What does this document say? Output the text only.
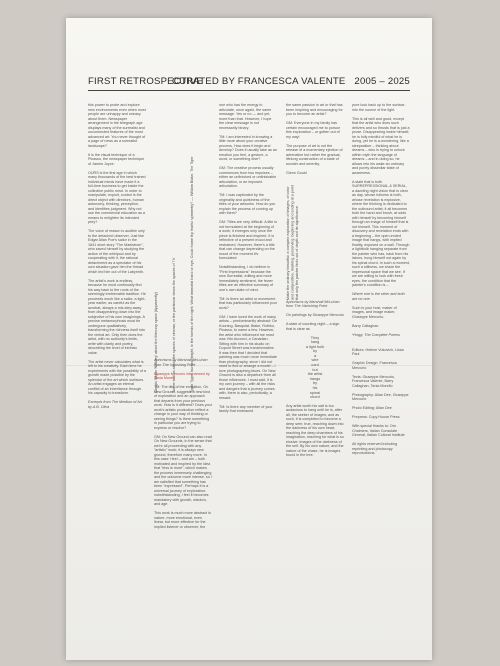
FIRST RETROSPECTIVE
CURATED BY FRANCESCA VALENTE 2005 – 2025

this power to probe and explore new environments even when most people are unhappy and uneasy about them. Newspaper arrangement in the telegraph age displays many of the surrealist and unconnected features of the most advanced art. You never thought of a page of news as a surrealist landscape?

It is the visual technique of a Picasso, the newspaper technique of James Joyce.

OURS is the first age in which many thousands of the best trained individual minds have made it a full-time business to get inside the collective public mind. In order to manipulate, exploit, control is the direct object with directors, human autonomy, thinking, perception, and identities judgment. Why not use the commercial education as a means to enlighten its intended prey?

The voice of reason is audible only to the detached observer. Just like Edgar Allan Poe's sailor in the 1841 short story "The Maelstrom", who saved himself by studying the action of the whirlpool and by cooperating with it, the rational detachment as a spectator of his own situation gave him the thread which led him out of the Labyrinth.

The artist's work is endless, because he must continually find his way back to the roots of the seemingly irretrievable tradition. He proceeds much like a sailor, a light-year earlier, as careful as the acrobat, always a mis-step away from disappearing down into the subjective of his own imaginings. A precise metamorphosis must be undergone qualitatively, transforming the richness itself into the verbal art. Only then does the artist, with no authority's limits, write with clarity and poetry, describing the level of intrinsic value.

The artist never calculates what is left to his creativity. Each time he experiments with the possibility of a growth made possible by the splendor of the art which surfaces. An artist engages an eternal conflict of an inheritance through his capacity to transform.

Excerpts from The Medium of Art by A.B. Oliva

Tyger Tyger, burning bright, In the forests of the night; What immortal hand or eye, Could frame thy fearful symmetry? — William Blake, The Tiger
Turner told us about the spaces of cinema, or the particular views the spaces of TV
Giorgio Stiglio 'Nothing' about the Mercury space (Apparently)

Aphorisms by Marshall McLuhan from The Vanishing Point

Giuseppe Mercurio interviewed by Tania Morelli

TM: The title of the exhibition, On New Ground, suggests a new kind of exploration and an approach that departs from your previous work. How is it different? Does your work's artistic production reflect a change in your way of thinking or seeing things? Is there something in particular you are trying to express or resolve?

GM: On New Ground can also read On New Grounds, in the sense that we're all proceeding with any "artistic" work; it is always new ground, therefore many more. In this case I feel – and am – both motivated and inspired by the idea that "less is more", which makes the process immensely challenging and the outcome more intense, so I am satisfied that something has been "expressed". Perhaps it is a universal journey of exploration: notwithstanding, I feel it becomes mandatory with growth, wisdom, and age.

This work is much more abstract in nature, more emotional, even linear, but more effective for the implied listener or observer, the

one who has the energy to articulate, once again, the same message. Yes or no — and yet, more than that. However, I hope the clear message is not necessarily binary.

TM: I am interested in knowing a little more about your creative process. How does it begin and develop? Does it usually take as an emotion you feel, a gesture, a word, or something else?

GM: The creative process usually commences from two impulses – either an unfinished or unfinishable articulation, or an imposed articulation.

TM: I was captivated by the originality and quirkiness of the titles of your artworks. How do you explain the process of coming up with them?

GM: Titles are very difficult. A title is not formulated at the beginning of a work; it emerges only once the piece is finished and inspired. It is reflective of a present mood and restrained. However, there's a title that can change depending on the mood of the moment it's formulated.

Notwithstanding, I do believe in "First Impressions" because the new Surrealist, editing and more immediately sentiment, the fewer titles are an effective summary of one's own state of mind.

TM: Is there an artist or movement that has particularly influenced your work?

GM: I have loved the work of many artists – predominantly abstract: De Kooning, Basquiat, Blake, Rothko, Picasso, to name a few. However, the artist who influenced me most was Vito Acconci, a Canadian. Sitting with him in his studio on Dupont Street was transformative. It was then that I decided that painting was much more immediate than photography, since I did not need to find or arrange a model – I love photographing faces. On New Ground is also a departure from all those influences. I must add, it is my own journey – with all the risks and dangers that a journey comes with, there is also, periodically, a reward.

TM: Is there any member of your family that embraced

the same passion in art or that has been inspiring and encouraging for you to become an artist?

GM: Everyone in my family has certain encouraged me to pursue this exploration – or gotten out of my way!

The purpose of art is not the release of a momentary ejection of adrenaline but rather the gradual, lifelong construction of a state of wonder and serenity.

Glenn Gould

Make the ordinary beautiful: a complex exploration of images, of color and composition, marking, preserving, beginning and ending at a point that only the painter finds out of depth and its significance.

Aphorisms by Marshall McLuhan from The Vanishing Point

On paintings by Giuseppe Mercurio

A state of counting night – a sign that is clear as

They
hang
a light bulb
by
a
wire
cord
but
the artist
hangs
by
his
spinal
chord

Any artist worth his salt is too audacious to hang until he is, after all, the seeker of images; and as such, it is completed to become a deep seer, true, reaching down into the darkness of his own heart, reaching the deep chambers of his imagination, reaching for what is so elusive: images of the darkness of the self. By his own nature, and the nature of the chase, he is images found in the tree.

pure look back up to the surface, into the source of the light.

This is all well and good, except that the artist who does such delivers and so thrusts that is just a prose. Disappearing inside himself, he is fully mindful of what he is doing, yet he is a-wondering, like a sleepwalker – thinking about dreams – who is trying to unlock within myth the language of dreams – and in doing so, he allows into his wake an ordinary and purely dissimilar state of awareness.

A state that is both SURREPRESSIONAL & SERIAL, a dazzling night vision that is clear as day, whose fullness is both, whose revelation is explosive, where the thinking is dedicated to the outbound artist; it all becomes both the hand and brush, at odds with himself by becoming himself through an image of himself that is not himself. This moment of discovery and revelation ends with a beginning – the open-ended image that hangs, with implied finality, exposed on a wall. Through a lightbulb hanging separate from the painter who has, back from his labors, hung himself out again by his spinal chord. In such a moment, such a stillness, we share the impersonal space that we see. If we are willing to look with fresh eyes, the condition that the painter's condition is –

Where one is the other and both are no one.

Such is your host, maker of images, and image maker, Giuseppe Mercurio.

Barry Callaghan

*Hogg: The Complete Poems

Editors: Helene Vukovich, Lissa Paul

Graphic Design: Francesca Mercurio

Texts: Giuseppe Mercurio, Francesca Valente, Barry Callaghan, Tania Morello

Photography: Allan Dee, Giuseppe Mercurio

Photo Editing: Allan Dee

Prepress: Copy House Press

With special thanks to: Orn Chalmers, Italian Consulate General, Italian Cultural Institute

All rights reserved including reprinting and photocopy reproductions.
